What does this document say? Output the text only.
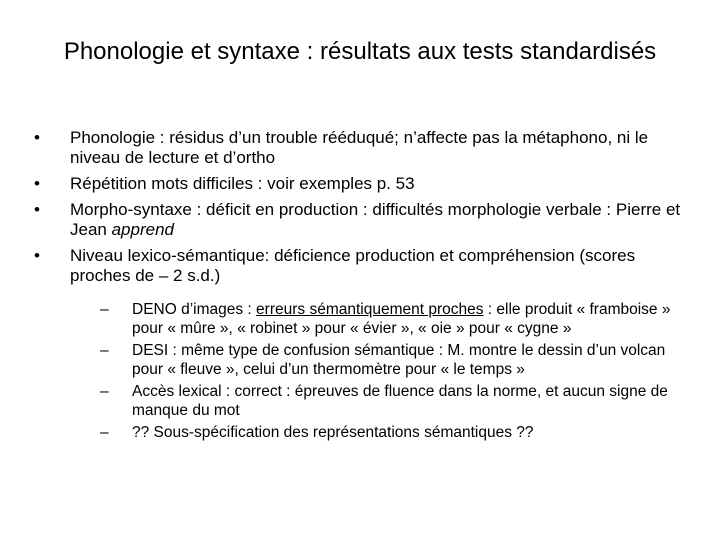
Phonologie et syntaxe : résultats aux tests standardisés
• Phonologie : résidus d’un trouble rééduqué; n’affecte pas la métaphono, ni le niveau de lecture et d’ortho
• Répétition mots difficiles : voir exemples p. 53
• Morpho-syntaxe : déficit en production : difficultés morphologie verbale : Pierre et Jean apprend
• Niveau lexico-sémantique: déficience production et compréhension (scores proches de – 2 s.d.)
– DENO d’images : erreurs sémantiquement proches : elle produit « framboise » pour « mûre », « robinet » pour « évier », « oie » pour « cygne »
– DESI : même type de confusion sémantique : M. montre le dessin d’un volcan pour « fleuve », celui d’un thermomètre pour « le temps »
– Accès lexical : correct : épreuves de fluence dans la norme, et aucun signe de manque du mot
– ?? Sous-spécification des représentations sémantiques ??
